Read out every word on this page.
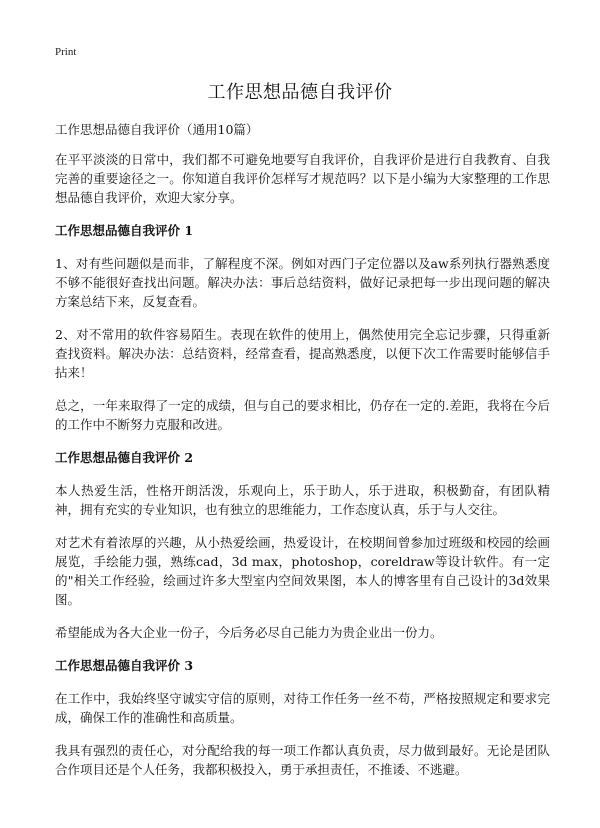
Print
工作思想品德自我评价

工作思想品德自我评价（通用10篇）

在平平淡淡的日常中，我们都不可避免地要写自我评价，自我评价是进行自我教育、自我完善的重要途径之一。你知道自我评价怎样写才规范吗？以下是小编为大家整理的工作思想品德自我评价，欢迎大家分享。

工作思想品德自我评价 1

1、对有些问题似是而非，了解程度不深。例如对西门子定位器以及aw系列执行器熟悉度不够不能很好查找出问题。解决办法：事后总结资料，做好记录把每一步出现问题的解决方案总结下来，反复查看。

2、对不常用的软件容易陌生。表现在软件的使用上，偶然使用完全忘记步骤，只得重新查找资料。解决办法：总结资料，经常查看，提高熟悉度，以便下次工作需要时能够信手拈来！

总之，一年来取得了一定的成绩，但与自己的要求相比，仍存在一定的.差距，我将在今后的工作中不断努力克服和改进。

工作思想品德自我评价 2

本人热爱生活，性格开朗活泼，乐观向上，乐于助人，乐于进取，积极勤奋，有团队精神，拥有充实的专业知识，也有独立的思维能力，工作态度认真，乐于与人交往。

对艺术有着浓厚的兴趣，从小热爱绘画，热爱设计，在校期间曾参加过班级和校园的绘画展览，手绘能力强，熟练cad，3d max，photoshop，coreldraw等设计软件。有一定的"相关工作经验，绘画过许多大型室内空间效果图，本人的博客里有自己设计的3d效果图。

希望能成为各大企业一份子，今后务必尽自己能力为贵企业出一份力。

工作思想品德自我评价 3

在工作中，我始终坚守诚实守信的原则，对待工作任务一丝不苟，严格按照规定和要求完成，确保工作的准确性和高质量。

我具有强烈的责任心，对分配给我的每一项工作都认真负责，尽力做到最好。无论是团队合作项目还是个人任务，我都积极投入，勇于承担责任，不推诿、不逃避。
